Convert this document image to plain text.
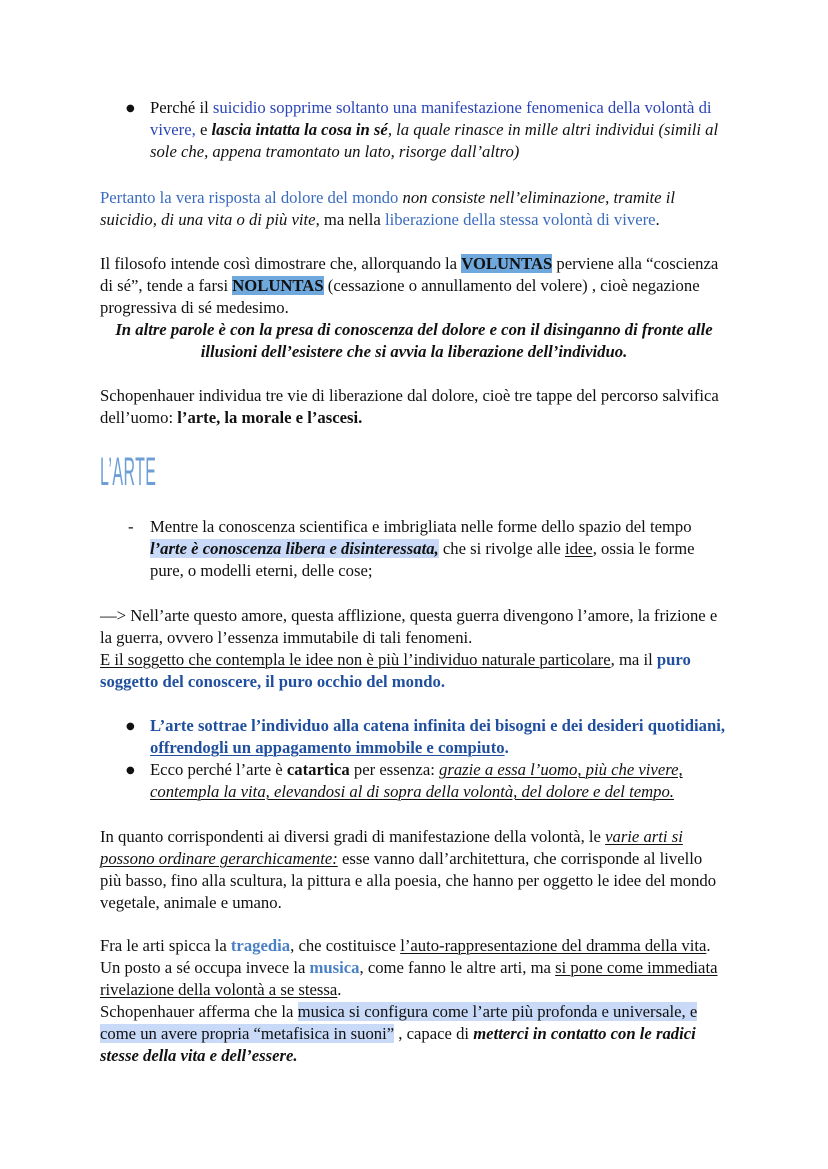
● Perché il suicidio sopprime soltanto una manifestazione fenomenica della volontà di
vivere, e lascia intatta la cosa in sé, la quale rinasce in mille altri individui (simili al
sole che, appena tramontato un lato, risorge dall’altro)
Pertanto la vera risposta al dolore del mondo non consiste nell’eliminazione, tramite il
suicidio, di una vita o di più vite, ma nella liberazione della stessa volontà di vivere.
Il filosofo intende così dimostrare che, allorquando la VOLUNTAS perviene alla “coscienza
di sé”, tende a farsi NOLUNTAS (cessazione o annullamento del volere) , cioè negazione
progressiva di sé medesimo.
In altre parole è con la presa di conoscenza del dolore e con il disinganno di fronte alle
illusioni dell’esistere che si avvia la liberazione dell’individuo.
Schopenhauer individua tre vie di liberazione dal dolore, cioè tre tappe del percorso salvifica
dell’uomo: l’arte, la morale e l’ascesi.
L’ARTE
- Mentre la conoscenza scientifica e imbrigliata nelle forme dello spazio del tempo
l’arte è conoscenza libera e disinteressata, che si rivolge alle idee, ossia le forme
pure, o modelli eterni, delle cose;
—> Nell’arte questo amore, questa afflizione, questa guerra divengono l’amore, la frizione e
la guerra, ovvero l’essenza immutabile di tali fenomeni.
E il soggetto che contempla le idee non è più l’individuo naturale particolare, ma il puro
soggetto del conoscere, il puro occhio del mondo.
● L’arte sottrae l’individuo alla catena infinita dei bisogni e dei desideri quotidiani,
offrendogli un appagamento immobile e compiuto.
● Ecco perché l’arte è catartica per essenza: grazie a essa l’uomo, più che vivere,
contempla la vita, elevandosi al di sopra della volontà, del dolore e del tempo.
In quanto corrispondenti ai diversi gradi di manifestazione della volontà, le varie arti si
possono ordinare gerarchicamente: esse vanno dall’architettura, che corrisponde al livello
più basso, fino alla scultura, la pittura e alla poesia, che hanno per oggetto le idee del mondo
vegetale, animale e umano.
Fra le arti spicca la tragedia, che costituisce l’auto-rappresentazione del dramma della vita.
Un posto a sé occupa invece la musica, come fanno le altre arti, ma si pone come immediata
rivelazione della volontà a se stessa.
Schopenhauer afferma che la musica si configura come l’arte più profonda e universale, e
come un avere propria “metafisica in suoni” , capace di metterci in contatto con le radici
stesse della vita e dell’essere.
